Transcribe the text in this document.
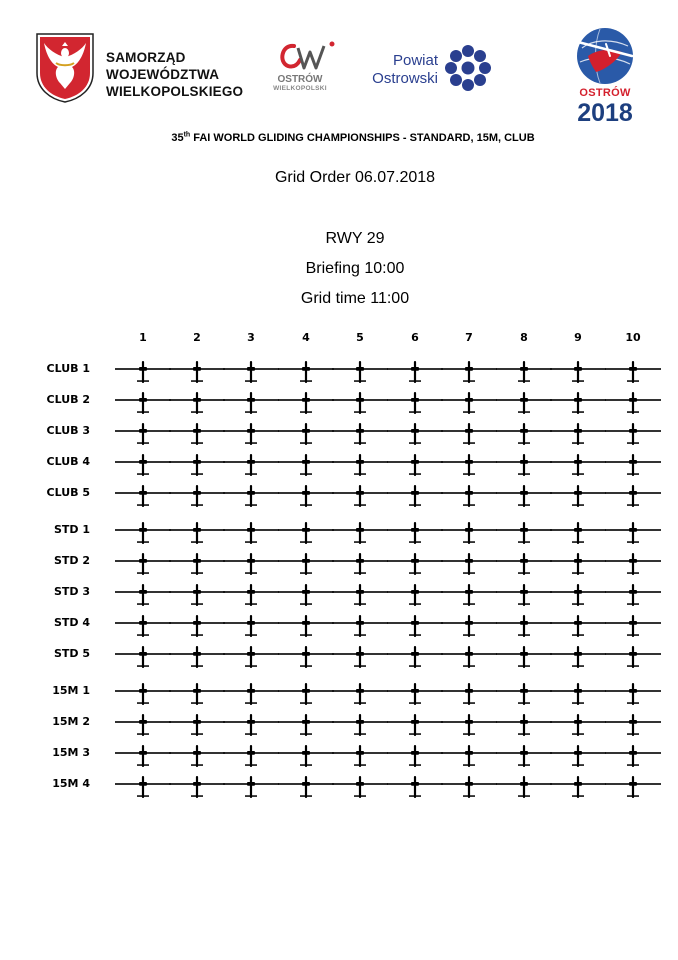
SAMORZĄD WOJEWÓDZTWA
WIELKOPOLSKIEGO
OSTRÓW
WIELKOPOLSKI
Powiat
Ostrowski
OSTRÓW
2018
35th FAI WORLD GLIDING CHAMPIONSHIPS - STANDARD, 15M, CLUB
Grid Order 06.07.2018
RWY 29
Briefing 10:00
Grid time 11:00
1	2	3	4	5	6	7	8	9	10
CLUB 1
CLUB 2
CLUB 3
CLUB 4
CLUB 5
STD 1
STD 2
STD 3
STD 4
STD 5
15M 1
15M 2
15M 3
15M 4
